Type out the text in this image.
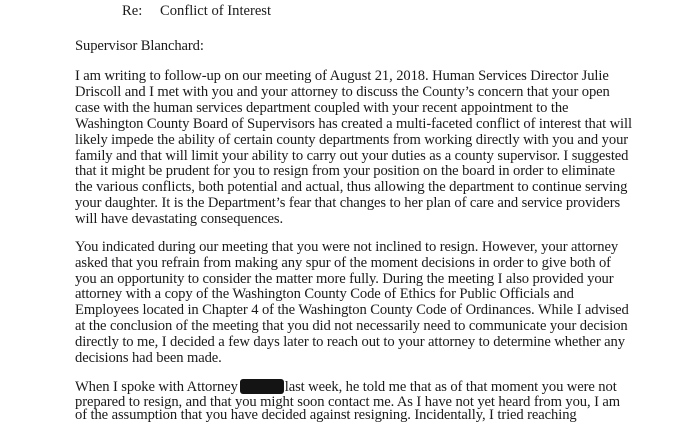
Re: Conflict of Interest
Supervisor Blanchard:
I am writing to follow-up on our meeting of August 21, 2018. Human Services Director Julie
Driscoll and I met with you and your attorney to discuss the County’s concern that your open
case with the human services department coupled with your recent appointment to the
Washington County Board of Supervisors has created a multi-faceted conflict of interest that will
likely impede the ability of certain county departments from working directly with you and your
family and that will limit your ability to carry out your duties as a county supervisor. I suggested
that it might be prudent for you to resign from your position on the board in order to eliminate
the various conflicts, both potential and actual, thus allowing the department to continue serving
your daughter. It is the Department’s fear that changes to her plan of care and service providers
will have devastating consequences.
You indicated during our meeting that you were not inclined to resign. However, your attorney
asked that you refrain from making any spur of the moment decisions in order to give both of
you an opportunity to consider the matter more fully. During the meeting I also provided your
attorney with a copy of the Washington County Code of Ethics for Public Officials and
Employees located in Chapter 4 of the Washington County Code of Ordinances. While I advised
at the conclusion of the meeting that you did not necessarily need to communicate your decision
directly to me, I decided a few days later to reach out to your attorney to determine whether any
decisions had been made.
When I spoke with Attorney	last week, he told me that as of that moment you were not
prepared to resign, and that you might soon contact me. As I have not yet heard from you, I am
of the assumption that you have decided against resigning. Incidentally, I tried reaching
